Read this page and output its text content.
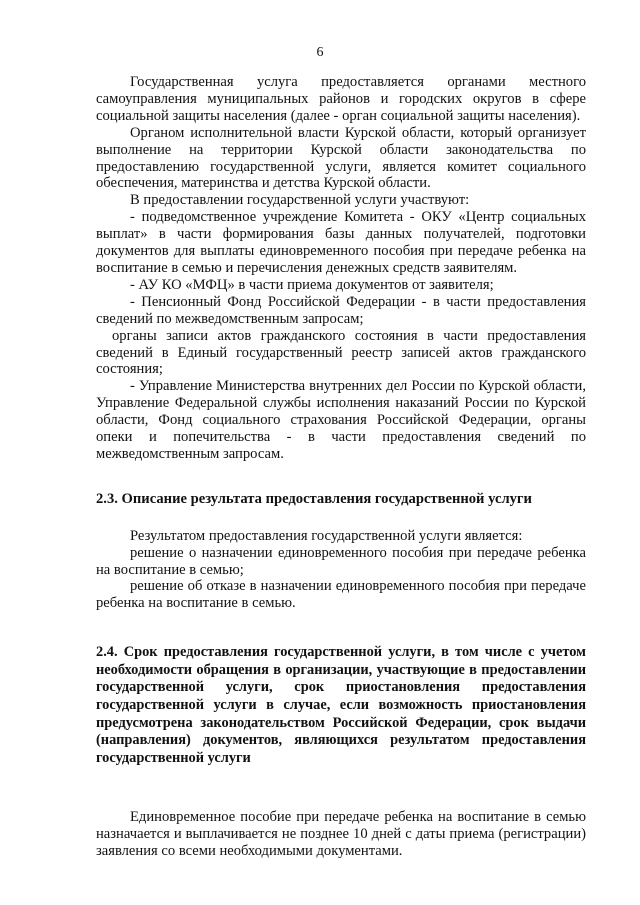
6

Государственная услуга предоставляется органами местного самоуправления муниципальных районов и городских округов в сфере социальной защиты населения (далее - орган социальной защиты населения).

Органом исполнительной власти Курской области, который организует выполнение на территории Курской области законодательства по предоставлению государственной услуги, является комитет социального обеспечения, материнства и детства Курской области.

В предоставлении государственной услуги участвуют:

- подведомственное учреждение Комитета - ОКУ «Центр социальных выплат» в части формирования базы данных получателей, подготовки документов для выплаты единовременного пособия при передаче ребенка на воспитание в семью и перечисления денежных средств заявителям.

- АУ КО «МФЦ» в части приема документов от заявителя;

- Пенсионный Фонд Российской Федерации - в части предоставления сведений по межведомственным запросам;

органы записи актов гражданского состояния в части предоставления сведений в Единый государственный реестр записей актов гражданского состояния;

- Управление Министерства внутренних дел России по Курской области, Управление Федеральной службы исполнения наказаний России по Курской области, Фонд социального страхования Российской Федерации, органы опеки и попечительства - в части предоставления сведений по межведомственным запросам.

2.3. Описание результата предоставления государственной услуги

Результатом предоставления государственной услуги является:

решение о назначении единовременного пособия при передаче ребенка на воспитание в семью;

решение об отказе в назначении единовременного пособия при передаче ребенка на воспитание в семью.

2.4. Срок предоставления государственной услуги, в том числе с учетом необходимости обращения в организации, участвующие в предоставлении государственной услуги, срок приостановления предоставления государственной услуги в случае, если возможность приостановления предусмотрена законодательством Российской Федерации, срок выдачи (направления) документов, являющихся результатом предоставления государственной услуги

Единовременное пособие при передаче ребенка на воспитание в семью назначается и выплачивается не позднее 10 дней с даты приема (регистрации) заявления со всеми необходимыми документами.
